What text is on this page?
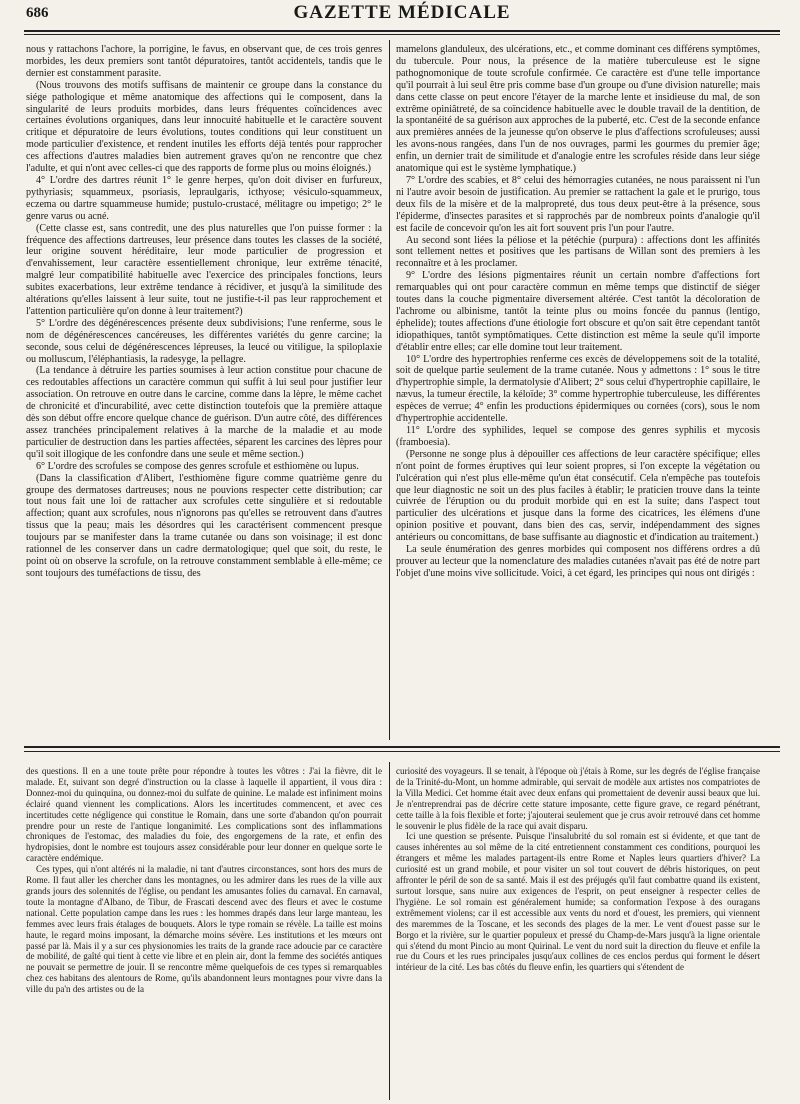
686	GAZETTE MÉDICALE

nous y rattachons l'achore, la porrigine, le favus, en observant que, de ces trois genres morbides, les deux premiers sont tantôt dépuratoires, tantôt accidentels, tandis que le dernier est constamment parasite.

(Nous trouvons des motifs suffisans de maintenir ce groupe dans la constance du siége pathologique et même anatomique des affections qui le composent, dans la singularité de leurs produits morbides, dans leurs fréquentes coïncidences avec certaines évolutions organiques, dans leur innocuité habituelle et le caractère souvent critique et dépuratoire de leurs évolutions, toutes conditions qui leur constituent un mode particulier d'existence, et rendent inutiles les efforts déjà tentés pour rapprocher ces affections d'autres maladies bien autrement graves qu'on ne rencontre que chez l'adulte, et qui n'ont avec celles-ci que des rapports de forme plus ou moins éloignés.)

4° L'ordre des dartres réunit 1° le genre herpes, qu'on doit diviser en furfureux, pythyriasis; squammeux, psoriasis, lepraulgaris, icthyose; vésiculo-squammeux, eczema ou dartre squammeuse humide; pustulo-crustacé, mélitagre ou impetigo; 2° le genre varus ou acné.

(Cette classe est, sans contredit, une des plus naturelles que l'on puisse former : la fréquence des affections dartreuses, leur présence dans toutes les classes de la société, leur origine souvent héréditaire, leur mode particulier de progression et d'envahissement, leur caractère essentiellement chronique, leur extrême ténacité, malgré leur compatibilité habituelle avec l'exercice des principales fonctions, leurs subites exacerbations, leur extrême tendance à récidiver, et jusqu'à la similitude des altérations qu'elles laissent à leur suite, tout ne justifie-t-il pas leur rapprochement et l'attention particulière qu'on donne à leur traitement?)

5° L'ordre des dégénérescences présente deux subdivisions; l'une renferme, sous le nom de dégénérescences cancéreuses, les différentes variétés du genre carcine; la seconde, sous celui de dégénérescences lépreuses, la leucé ou vitiligue, la spiloplaxie ou molluscum, l'éléphantiasis, la radesyge, la pellagre.

(La tendance à détruire les parties soumises à leur action constitue pour chacune de ces redoutables affections un caractère commun qui suffit à lui seul pour justifier leur association. On retrouve en outre dans le carcine, comme dans la lèpre, le même cachet de chronicité et d'incurabilité, avec cette distinction toutefois que la première attaque dès son début offre encore quelque chance de guérison. D'un autre côté, des différences assez tranchées principalement relatives à la marche de la maladie et au mode particulier de destruction dans les parties affectées, séparent les carcines des lèpres pour qu'il soit illogique de les confondre dans une seule et même section.)

6° L'ordre des scrofules se compose des genres scrofule et esthiomène ou lupus.

(Dans la classification d'Alibert, l'esthiomène figure comme quatrième genre du groupe des dermatoses dartreuses; nous ne pouvions respecter cette distribution; car tout nous fait une loi de rattacher aux scrofules cette singulière et si redoutable affection; quant aux scrofules, nous n'ignorons pas qu'elles se retrouvent dans d'autres tissus que la peau; mais les désordres qui les caractérisent commencent presque toujours par se manifester dans la trame cutanée ou dans son voisinage; il est donc rationnel de les conserver dans un cadre dermatologique; quel que soit, du reste, le point où on observe la scrofule, on la retrouve constamment semblable à elle-même; ce sont toujours des tuméfactions de tissu, des

mamelons glanduleux, des ulcérations, etc., et comme dominant ces différens symptômes, du tubercule. Pour nous, la présence de la matière tuberculeuse est le signe pathognomonique de toute scrofule confirmée. Ce caractère est d'une telle importance qu'il pourrait à lui seul être pris comme base d'un groupe ou d'une division naturelle; mais dans cette classe on peut encore l'étayer de la marche lente et insidieuse du mal, de son extrême opiniâtreté, de sa coïncidence habituelle avec le double travail de la dentition, de la spontanéité de sa guérison aux approches de la puberté, etc. C'est de la seconde enfance aux premières années de la jeunesse qu'on observe le plus d'affections scrofuleuses; aussi les avons-nous rangées, dans l'un de nos ouvrages, parmi les gourmes du premier âge; enfin, un dernier trait de similitude et d'analogie entre les scrofules réside dans leur siége anatomique qui est le système lymphatique.)

7° L'ordre des scabies, et 8° celui des hémorragies cutanées, ne nous paraissent ni l'un ni l'autre avoir besoin de justification. Au premier se rattachent la gale et le prurigo, tous deux fils de la misère et de la malpropreté, dus tous deux peut-être à la présence, sous l'épiderme, d'insectes parasites et si rapprochés par de nombreux points d'analogie qu'il est facile de concevoir qu'on les ait fort souvent pris l'un pour l'autre.

Au second sont liées la péliose et la pétéchie (purpura) : affections dont les affinités sont tellement nettes et positives que les partisans de Willan sont des premiers à les reconnaître et à les proclamer.

9° L'ordre des lésions pigmentaires réunit un certain nombre d'affections fort remarquables qui ont pour caractère commun en même temps que distinctif de siéger toutes dans la couche pigmentaire diversement altérée. C'est tantôt la décoloration de l'achrome ou albinisme, tantôt la teinte plus ou moins foncée du pannus (lentigo, éphelide); toutes affections d'une étiologie fort obscure et qu'on sait être cependant tantôt idiopathiques, tantôt symptômatiques. Cette distinction est même la seule qu'il importe d'établir entre elles; car elle domine tout leur traitement.

10° L'ordre des hypertrophies renferme ces excès de développemens soit de la totalité, soit de quelque partie seulement de la trame cutanée. Nous y admettons : 1° sous le titre d'hypertrophie simple, la dermatolysie d'Alibert; 2° sous celui d'hypertrophie capillaire, le nævus, la tumeur érectile, la kéloïde; 3° comme hypertrophie tuberculeuse, les différentes espèces de verrue; 4° enfin les productions épidermiques ou cornées (cors), sous le nom d'hypertrophie accidentelle.

11° L'ordre des syphilides, lequel se compose des genres syphilis et mycosis (framboesia).

(Personne ne songe plus à dépouiller ces affections de leur caractère spécifique; elles n'ont point de formes éruptives qui leur soient propres, si l'on excepte la végétation ou l'ulcération qui n'est plus elle-même qu'un état consécutif. Cela n'empêche pas toutefois que leur diagnostic ne soit un des plus faciles à établir; le praticien trouve dans la teinte cuivrée de l'éruption ou du produit morbide qui en est la suite; dans l'aspect tout particulier des ulcérations et jusque dans la forme des cicatrices, les élémens d'une opinion positive et pouvant, dans bien des cas, servir, indépendamment des signes antérieurs ou concomittans, de base suffisante au diagnostic et d'indication au traitement.)

La seule énumération des genres morbides qui composent nos différens ordres a dû prouver au lecteur que la nomenclature des maladies cutanées n'avait pas été de notre part l'objet d'une moins vive sollicitude. Voici, à cet égard, les principes qui nous ont dirigés :

des questions. Il en a une toute prête pour répondre à toutes les vôtres : J'ai la fièvre, dit le malade. Et, suivant son degré d'instruction ou la classe à laquelle il appartient, il vous dira : Donnez-moi du quinquina, ou donnez-moi du sulfate de quinine. Le malade est infiniment moins éclairé quand viennent les complications. Alors les incertitudes commencent, et avec ces incertitudes cette négligence qui constitue le Romain, dans une sorte d'abandon qu'on pourrait prendre pour un reste de l'antique longanimité. Les complications sont des inflammations chroniques de l'estomac, des maladies du foie, des engorgemens de la rate, et enfin des hydropisies, dont le nombre est toujours assez considérable pour leur donner en quelque sorte le caractère endémique.

Ces types, qui n'ont altérés ni la maladie, ni tant d'autres circonstances, sont hors des murs de Rome. Il faut aller les chercher dans les montagnes, ou les admirer dans les rues de la ville aux grands jours des solennités de l'église, ou pendant les amusantes folies du carnaval. En carnaval, toute la montagne d'Albano, de Tibur, de Frascati descend avec des fleurs et avec le costume national. Cette population campe dans les rues : les hommes drapés dans leur large manteau, les femmes avec leurs frais étalages de bouquets. Alors le type romain se révèle. La taille est moins haute, le regard moins imposant, la démarche moins sévère. Les institutions et les mœurs ont passé par là. Mais il y a sur ces physionomies les traits de la grande race adoucie par ce caractère de mobilité, de gaîté qui tient à cette vie libre et en plein air, dont la femme des sociétés antiques ne pouvait se permettre de jouir. Il se rencontre même quelquefois de ces types si remarquables chez ces habitans des alentours de Rome, qu'ils abandonnent leurs montagnes pour vivre dans la ville du pa'n des artistes ou de la

curiosité des voyageurs. Il se tenait, à l'époque où j'étais à Rome, sur les degrés de l'église française de la Trinité-du-Mont, un homme admirable, qui servait de modèle aux artistes nos compatriotes de la Villa Medici. Cet homme était avec deux enfans qui promettaient de devenir aussi beaux que lui. Je n'entreprendrai pas de décrire cette stature imposante, cette figure grave, ce regard pénétrant, cette taille à la fois flexible et forte; j'ajouterai seulement que je crus avoir retrouvé dans cet homme le souvenir le plus fidèle de la race qui avait disparu.

Ici une question se présente. Puisque l'insalubrité du sol romain est si évidente, et que tant de causes inhérentes au sol même de la cité entretiennent constamment ces conditions, pourquoi les étrangers et même les malades partagent-ils entre Rome et Naples leurs quartiers d'hiver? La curiosité est un grand mobile, et pour visiter un sol tout couvert de débris historiques, on peut affronter le péril de son de sa santé. Mais il est des préjugés qu'il faut combattre quand ils existent, surtout lorsque, sans nuire aux exigences de l'esprit, on peut enseigner à respecter celles de l'hygiène. Le sol romain est généralement humide; sa conformation l'expose à des ouragans extrêmement violens; car il est accessible aux vents du nord et d'ouest, les premiers, qui viennent des maremmes de la Toscane, et les seconds des plages de la mer. Le vent d'ouest passe sur le Borgo et la rivière, sur le quartier populeux et pressé du Champ-de-Mars jusqu'à la ligne orientale qui s'étend du mont Pincio au mont Quirinal. Le vent du nord suit la direction du fleuve et enfile la rue du Cours et les rues principales jusqu'aux collines de ces enclos perdus qui forment le désert intérieur de la cité. Les bas côtés du fleuve enfin, les quartiers qui s'étendent de
